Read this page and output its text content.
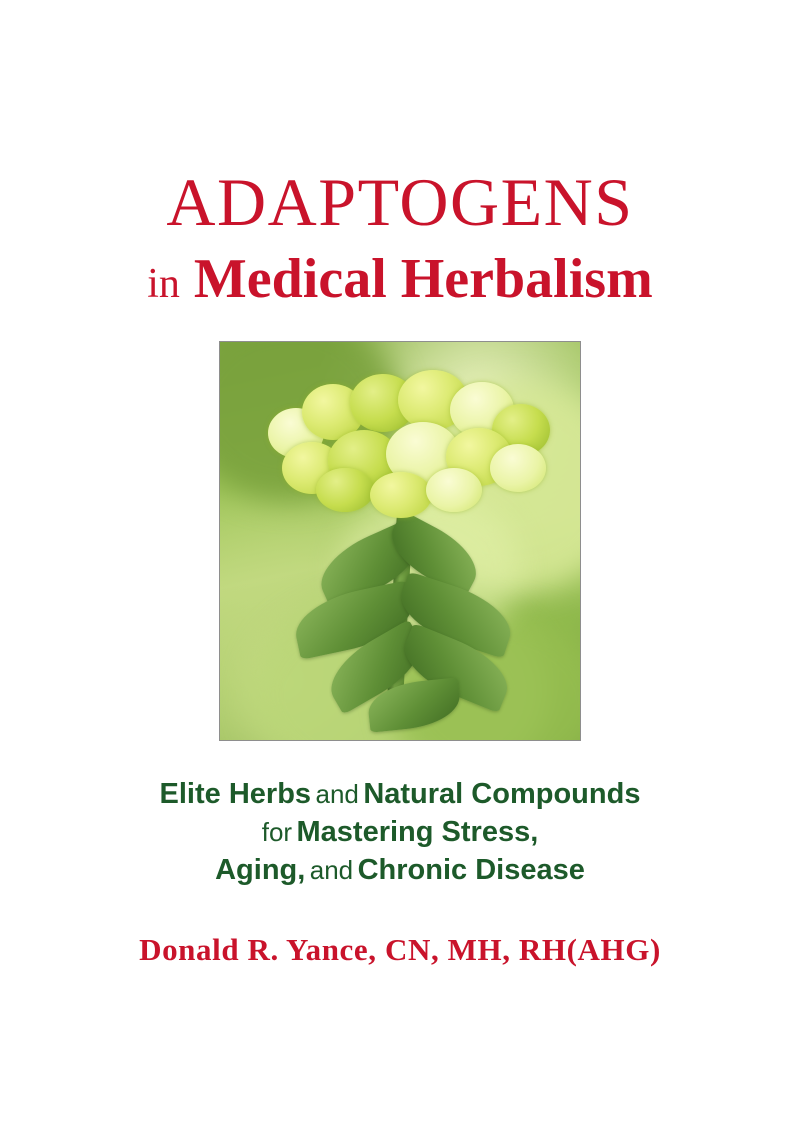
ADAPTOGENS
in Medical Herbalism
Elite Herbs and Natural Compounds
for Mastering Stress,
Aging, and Chronic Disease
Donald R. Yance, CN, MH, RH(AHG)
